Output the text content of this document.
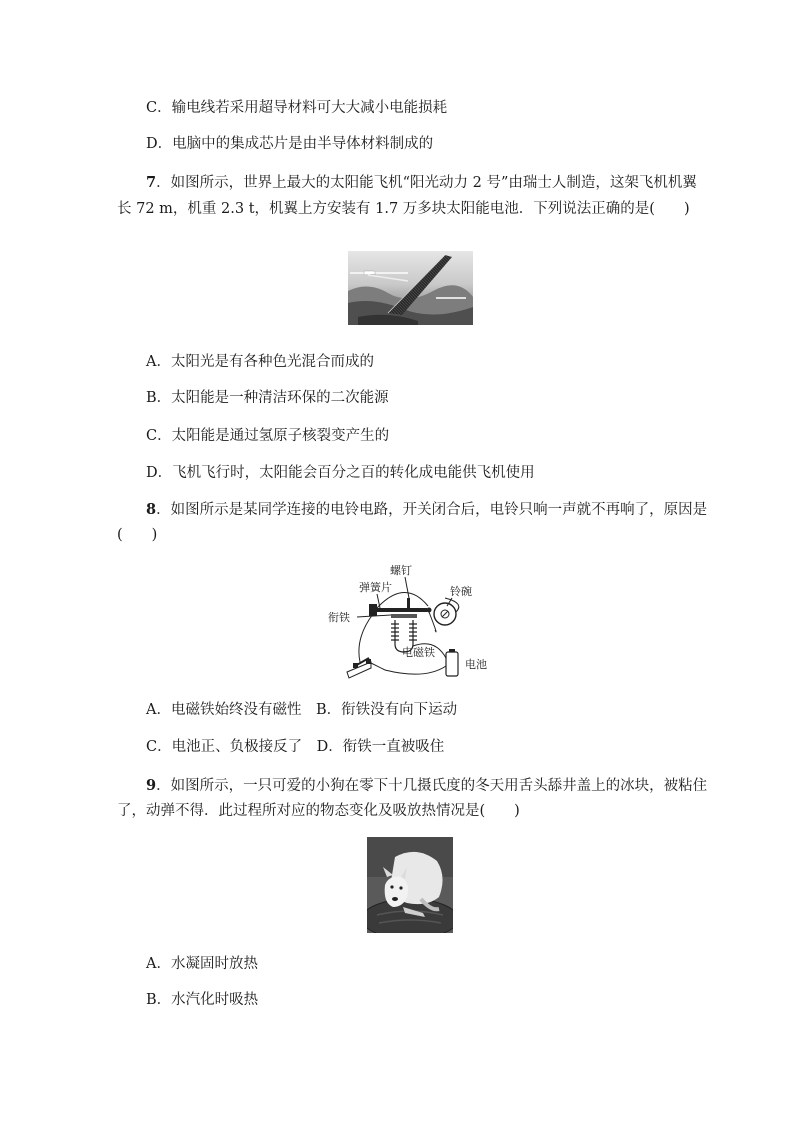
C．输电线若采用超导材料可大大减小电能损耗
D．电脑中的集成芯片是由半导体材料制成的
7．如图所示，世界上最大的太阳能飞机“阳光动力 2 号”由瑞士人制造，这架飞机机翼
长 72 m，机重 2.3 t，机翼上方安装有 1.7 万多块太阳能电池．下列说法正确的是(　　)
A．太阳光是有各种色光混合而成的
B．太阳能是一种清洁环保的二次能源
C．太阳能是通过氢原子核裂变产生的
D．飞机飞行时，太阳能会百分之百的转化成电能供飞机使用
8．如图所示是某同学连接的电铃电路，开关闭合后，电铃只响一声就不再响了，原因是
(　　)
螺钉
弹簧片	铃碗
衔铁
电磁铁
电池
A．电磁铁始终没有磁性　B．衔铁没有向下运动
C．电池正、负极接反了　D．衔铁一直被吸住
9．如图所示，一只可爱的小狗在零下十几摄氏度的冬天用舌头舔井盖上的冰块，被粘住
了，动弹不得．此过程所对应的物态变化及吸放热情况是(　　)
A．水凝固时放热
B．水汽化时吸热
